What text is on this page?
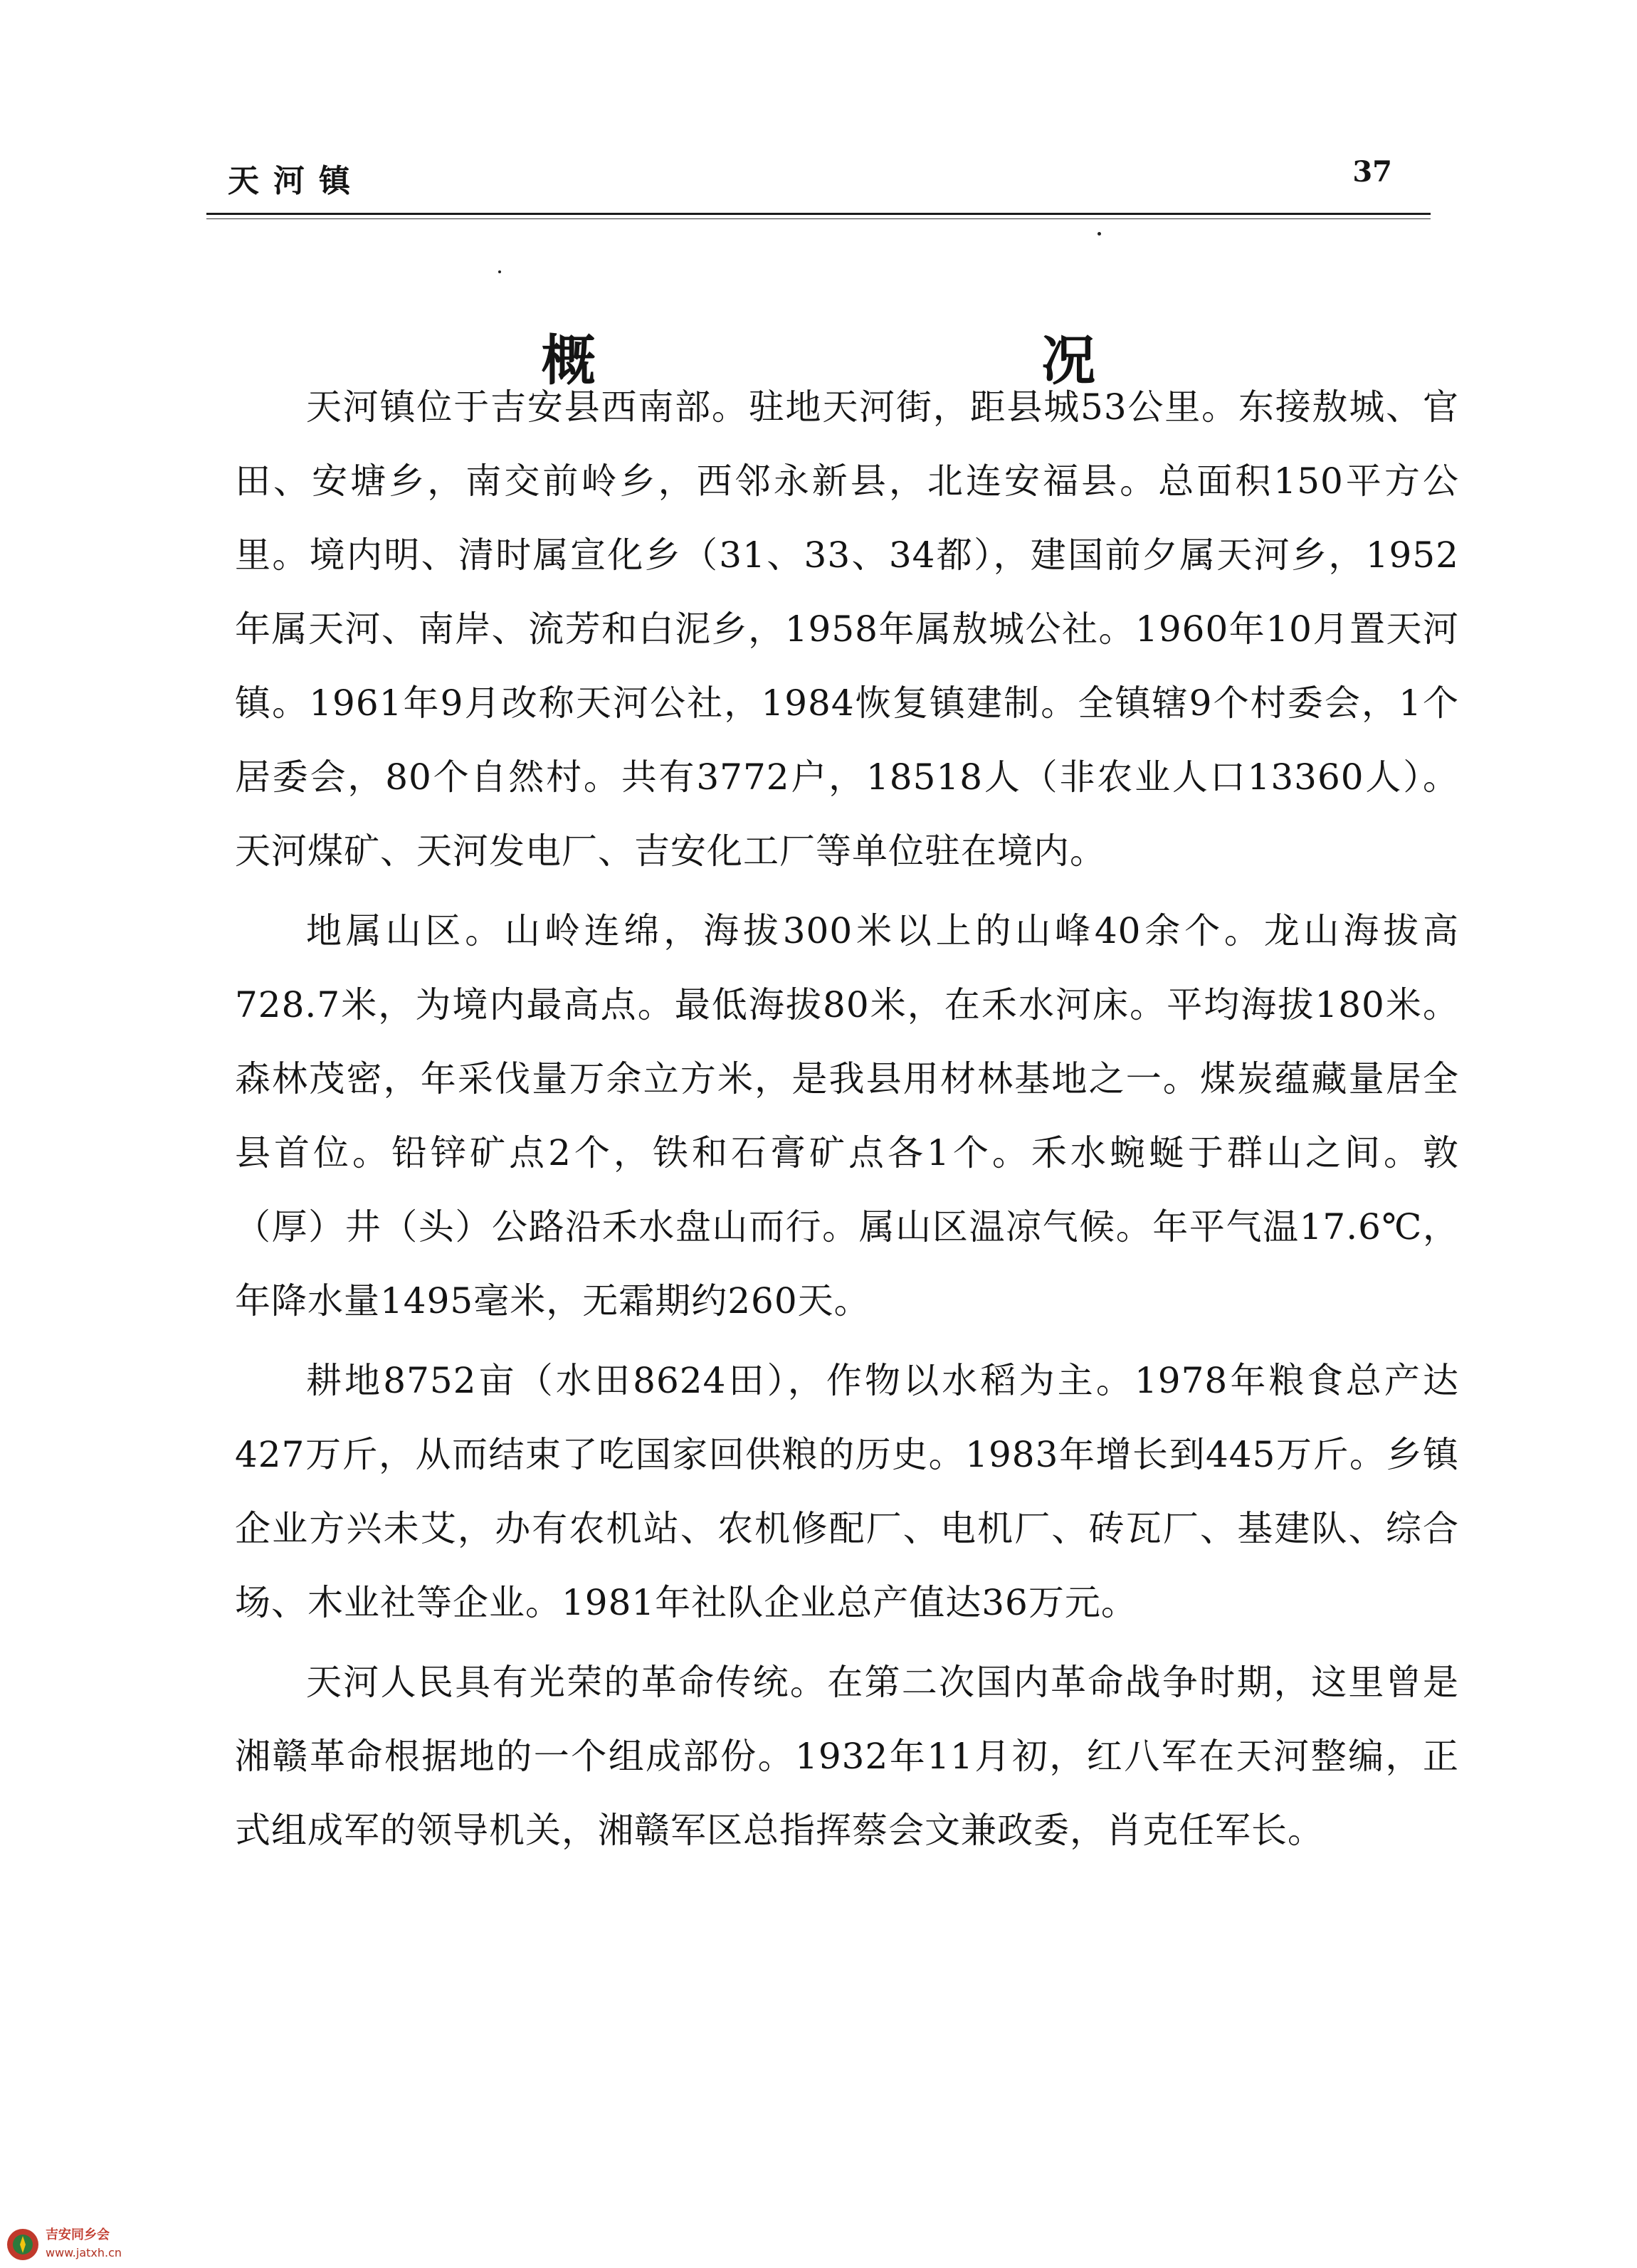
天河镇	37
概 况

天河镇位于吉安县西南部。驻地天河街，距县城53公里。东接敖城、官田、安塘乡，南交前岭乡，西邻永新县，北连安福县。总面积150平方公里。境内明、清时属宣化乡（31、33、34都），建国前夕属天河乡，1952年属天河、南岸、流芳和白泥乡，1958年属敖城公社。1960年10月置天河镇。1961年9月改称天河公社，1984恢复镇建制。全镇辖9个村委会，1个居委会，80个自然村。共有3772户，18518人（非农业人口13360人）。天河煤矿、天河发电厂、吉安化工厂等单位驻在境内。

地属山区。山岭连绵，海拔300米以上的山峰40余个。龙山海拔高728.7米，为境内最高点。最低海拔80米，在禾水河床。平均海拔180米。森林茂密，年采伐量万余立方米，是我县用材林基地之一。煤炭蕴藏量居全县首位。铅锌矿点2个，铁和石膏矿点各1个。禾水蜿蜒于群山之间。敦（厚）井（头）公路沿禾水盘山而行。属山区温凉气候。年平气温17.6℃，年降水量1495毫米，无霜期约260天。

耕地8752亩（水田8624田），作物以水稻为主。1978年粮食总产达427万斤，从而结束了吃国家回供粮的历史。1983年增长到445万斤。乡镇企业方兴未艾，办有农机站、农机修配厂、电机厂、砖瓦厂、基建队、综合场、木业社等企业。1981年社队企业总产值达36万元。

天河人民具有光荣的革命传统。在第二次国内革命战争时期，这里曾是湘赣革命根据地的一个组成部份。1932年11月初，红八军在天河整编，正式组成军的领导机关，湘赣军区总指挥蔡会文兼政委，肖克任军长。

吉安同乡会
www.jatxh.cn
